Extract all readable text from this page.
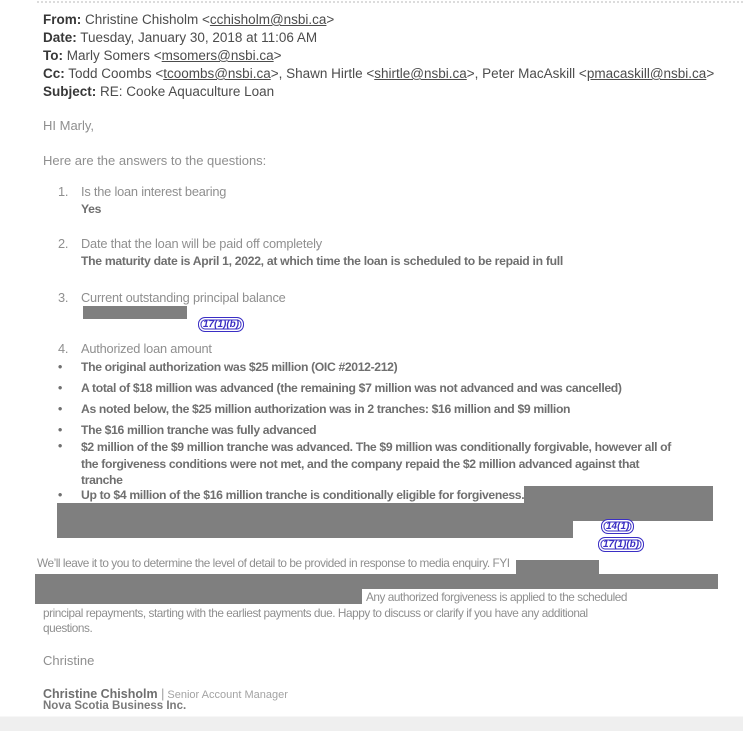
From: Christine Chisholm <cchisholm@nsbi.ca>
Date: Tuesday, January 30, 2018 at 11:06 AM
To: Marly Somers <msomers@nsbi.ca>
Cc: Todd Coombs <tcoombs@nsbi.ca>, Shawn Hirtle <shirtle@nsbi.ca>, Peter MacAskill <pmacaskill@nsbi.ca>
Subject: RE: Cooke Aquaculture Loan
HI Marly,
Here are the answers to the questions:
1. Is the loan interest bearing
Yes
2. Date that the loan will be paid off completely
The maturity date is April 1, 2022, at which time the loan is scheduled to be repaid in full
3. Current outstanding principal balance
17(1)(b)
4. Authorized loan amount
• The original authorization was $25 million (OIC #2012-212)
• A total of $18 million was advanced (the remaining $7 million was not advanced and was cancelled)
• As noted below, the $25 million authorization was in 2 tranches: $16 million and $9 million
• The $16 million tranche was fully advanced
• $2 million of the $9 million tranche was advanced. The $9 million was conditionally forgivable, however all of
the forgiveness conditions were not met, and the company repaid the $2 million advanced against that
tranche
• Up to $4 million of the $16 million tranche is conditionally eligible for forgiveness.
14(1)
17(1)(b)
We’ll leave it to you to determine the level of detail to be provided in response to media enquiry. FYI
Any authorized forgiveness is applied to the scheduled
principal repayments, starting with the earliest payments due. Happy to discuss or clarify if you have any additional
questions.
Christine
Christine Chisholm | Senior Account Manager
Nova Scotia Business Inc.
